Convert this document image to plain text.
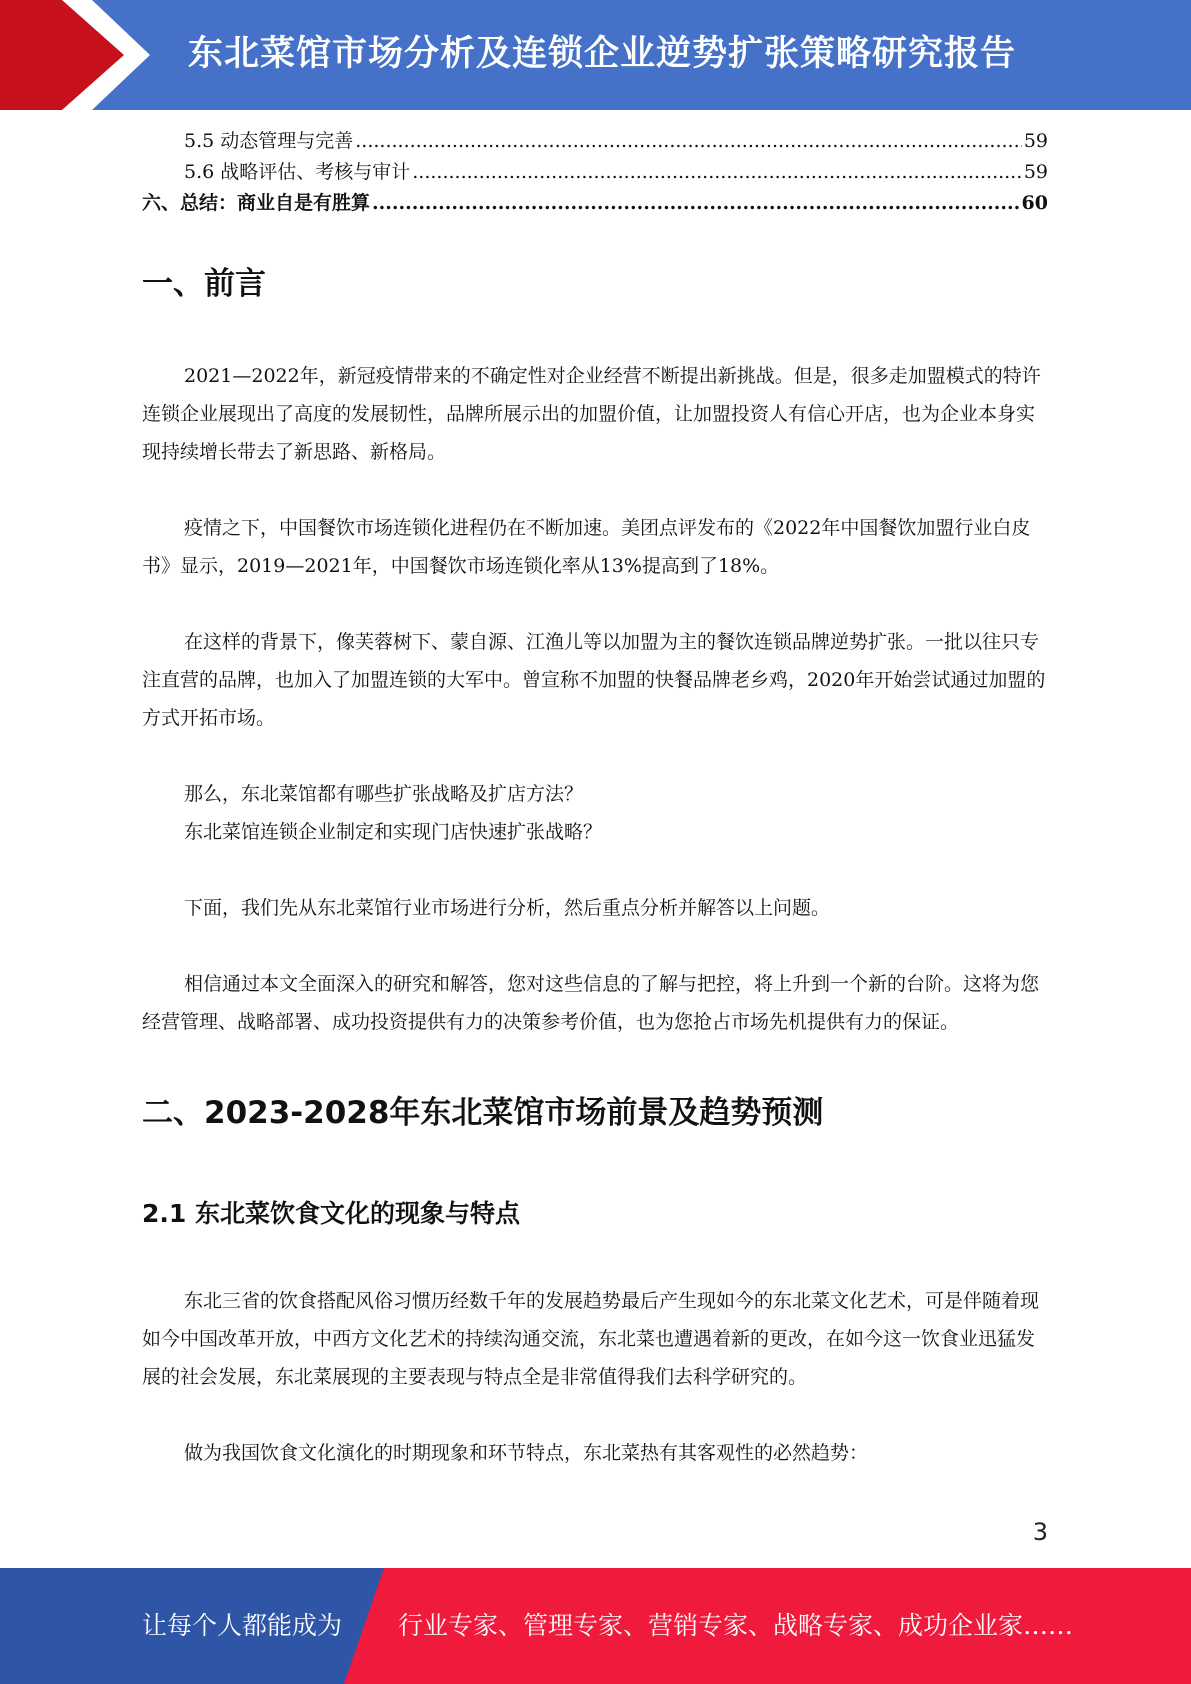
东北菜馆市场分析及连锁企业逆势扩张策略研究报告
5.5 动态管理与完善 .....	59
5.6 战略评估、考核与审计 .....	59
六、总结：商业自是有胜算 .....	60
一、前言

2021—2022年，新冠疫情带来的不确定性对企业经营不断提出新挑战。但是，很多走加盟模式的特许连锁企业展现出了高度的发展韧性，品牌所展示出的加盟价值，让加盟投资人有信心开店，也为企业本身实现持续增长带去了新思路、新格局。

疫情之下，中国餐饮市场连锁化进程仍在不断加速。美团点评发布的《2022年中国餐饮加盟行业白皮书》显示，2019—2021年，中国餐饮市场连锁化率从13%提高到了18%。

在这样的背景下，像芙蓉树下、蒙自源、江渔儿等以加盟为主的餐饮连锁品牌逆势扩张。一批以往只专注直营的品牌，也加入了加盟连锁的大军中。曾宣称不加盟的快餐品牌老乡鸡，2020年开始尝试通过加盟的方式开拓市场。

那么，东北菜馆都有哪些扩张战略及扩店方法？

东北菜馆连锁企业制定和实现门店快速扩张战略？

下面，我们先从东北菜馆行业市场进行分析，然后重点分析并解答以上问题。

相信通过本文全面深入的研究和解答，您对这些信息的了解与把控，将上升到一个新的台阶。这将为您经营管理、战略部署、成功投资提供有力的决策参考价值，也为您抢占市场先机提供有力的保证。

二、2023-2028年东北菜馆市场前景及趋势预测
2.1 东北菜饮食文化的现象与特点

东北三省的饮食搭配风俗习惯历经数千年的发展趋势最后产生现如今的东北菜文化艺术，可是伴随着现如今中国改革开放，中西方文化艺术的持续沟通交流，东北菜也遭遇着新的更改，在如今这一饮食业迅猛发展的社会发展，东北菜展现的主要表现与特点全是非常值得我们去科学研究的。

做为我国饮食文化演化的时期现象和环节特点，东北菜热有其客观性的必然趋势：

3
让每个人都能成为 行业专家、管理专家、营销专家、战略专家、成功企业家……
